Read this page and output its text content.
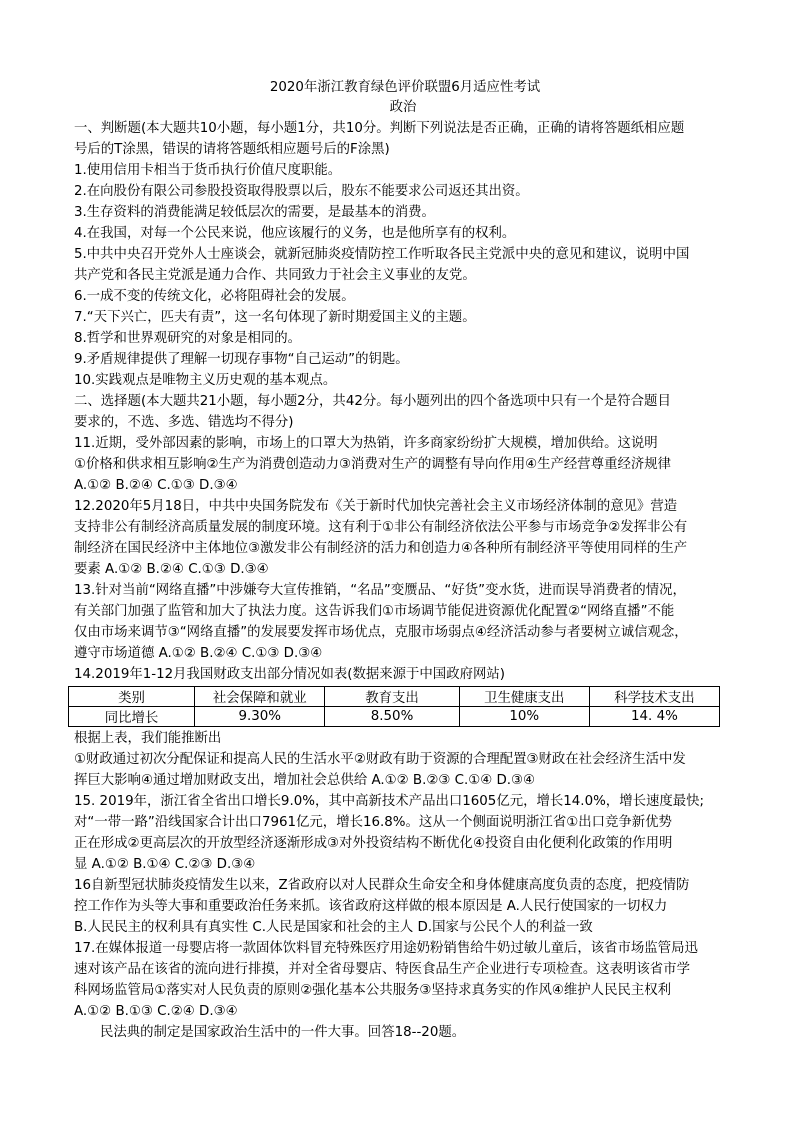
2020年浙江教育绿色评价联盟6月适应性考试
政治
一、判断题(本大题共10小题，每小题1分，共10分。判断下列说法是否正确，正确的请将答题纸相应题
号后的T涂黑，错误的请将答题纸相应题号后的F涂黑)
1.使用信用卡相当于货币执行价值尺度职能。
2.在向股份有限公司参股投资取得股票以后，股东不能要求公司返还其出资。
3.生存资料的消费能满足较低层次的需要，是最基本的消费。
4.在我国，对每一个公民来说，他应该履行的义务，也是他所享有的权利。
5.中共中央召开党外人士座谈会，就新冠肺炎疫情防控工作听取各民主党派中央的意见和建议，说明中国
共产党和各民主党派是通力合作、共同致力于社会主义事业的友党。
6.一成不变的传统文化，必将阻碍社会的发展。
7.“天下兴亡，匹夫有责”，这一名句体现了新时期爱国主义的主题。
8.哲学和世界观研究的对象是相同的。
9.矛盾规律提供了理解一切现存事物“自己运动”的钥匙。
10.实践观点是唯物主义历史观的基本观点。
二、选择题(本大题共21小题，每小题2分，共42分。每小题列出的四个备选项中只有一个是符合题目
要求的，不选、多选、错选均不得分)
11.近期，受外部因素的影响，市场上的口罩大为热销，许多商家纷纷扩大规模，增加供给。这说明
①价格和供求相互影响②生产为消费创造动力③消费对生产的调整有导向作用④生产经营尊重经济规律
A.①② B.②④ C.①③ D.③④
12.2020年5月18日，中共中央国务院发布《关于新时代加快完善社会主义市场经济体制的意见》营造
支持非公有制经济高质量发展的制度环境。这有利于①非公有制经济依法公平参与市场竞争②发挥非公有
制经济在国民经济中主体地位③激发非公有制经济的活力和创造力④各种所有制经济平等使用同样的生产
要素 A.①② B.②④ C.①③ D.③④
13.针对当前“网络直播”中涉嫌夸大宣传推销，“名品”变赝品、“好货”变水货，进而误导消费者的情况，
有关部门加强了监管和加大了执法力度。这告诉我们①市场调节能促进资源优化配置②“网络直播”不能
仅由市场来调节③“网络直播”的发展要发挥市场优点，克服市场弱点④经济活动参与者要树立诚信观念，
遵守市场道德 A.①② B.②④ C.①③ D.③④
14.2019年1-12月我国财政支出部分情况如表(数据来源于中国政府网站)
类别	社会保障和就业	教育支出	卫生健康支出	科学技术支出
同比增长	9.30%	8.50%	10%	14. 4%
根据上表，我们能推断出
①财政通过初次分配保证和提高人民的生活水平②财政有助于资源的合理配置③财政在社会经济生活中发
挥巨大影响④通过增加财政支出，增加社会总供给 A.①② B.②③ C.①④ D.③④
15. 2019年，浙江省全省出口增长9.0%，其中高新技术产品出口1605亿元，增长14.0%，增长速度最快;
对“一带一路”沿线国家合计出口7961亿元，增长16.8%。这从一个侧面说明浙江省①出口竞争新优势
正在形成②更高层次的开放型经济逐渐形成③对外投资结构不断优化④投资自由化便利化政策的作用明
显 A.①② B.①④ C.②③ D.③④
16自新型冠状肺炎疫情发生以来，Z省政府以对人民群众生命安全和身体健康高度负责的态度，把疫情防
控工作作为头等大事和重要政治任务来抓。该省政府这样做的根本原因是 A.人民行使国家的一切权力
B.人民民主的权利具有真实性 C.人民是国家和社会的主人 D.国家与公民个人的利益一致
17.在媒体报道一母婴店将一款固体饮料冒充特殊医疗用途奶粉销售给牛奶过敏儿童后，该省市场监管局迅
速对该产品在该省的流向进行排摸，并对全省母婴店、特医食品生产企业进行专项检查。这表明该省市学
科网场监管局①落实对人民负责的原则②强化基本公共服务③坚持求真务实的作风④维护人民民主权利
A.①② B.①③ C.②④ D.③④
民法典的制定是国家政治生活中的一件大事。回答18--20题。
